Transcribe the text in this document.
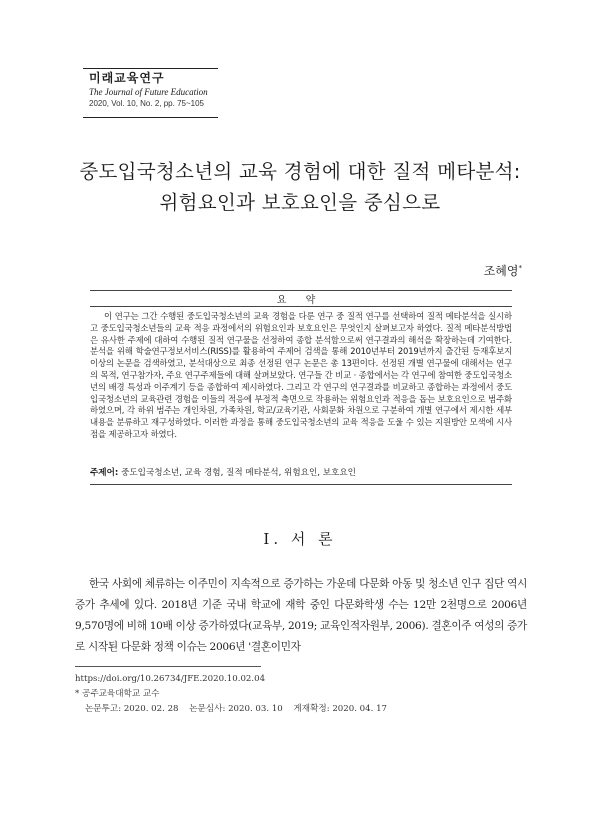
미래교육연구
The Journal of Future Education
2020, Vol. 10, No. 2, pp. 75~105
중도입국청소년의 교육 경험에 대한 질적 메타분석:
위험요인과 보호요인을 중심으로
조혜영*
요 약
이 연구는 그간 수행된 중도입국청소년의 교육 경험을 다룬 연구 중 질적 연구를 선택하여 질적 메타분석을 실시하고 중도입국청소년들의 교육 적응 과정에서의 위험요인과 보호요인은 무엇인지 살펴보고자 하였다. 질적 메타분석방법은 유사한 주제에 대하여 수행된 질적 연구물을 선정하여 종합 분석함으로써 연구결과의 해석을 확장하는데 기여한다. 분석을 위해 학술연구정보서비스(RISS)를 활용하여 주제어 검색을 통해 2010년부터 2019년까지 출간된 등재후보지 이상의 논문을 검색하였고, 분석대상으로 최종 선정된 연구 논문은 총 13편이다. 선정된 개별 연구물에 대해서는 연구의 목적, 연구참가자, 주요 연구주제들에 대해 살펴보았다. 연구들 간 비교 · 종합에서는 각 연구에 참여한 중도입국청소년의 배경 특성과 이주계기 등을 종합하여 제시하였다. 그리고 각 연구의 연구결과를 비교하고 종합하는 과정에서 중도입국청소년의 교육관련 경험을 이들의 적응에 부정적 측면으로 작용하는 위험요인과 적응을 돕는 보호요인으로 범주화하였으며, 각 하위 범주는 개인차원, 가족차원, 학교/교육기관, 사회문화 차원으로 구분하여 개별 연구에서 제시한 세부 내용을 분류하고 재구성하였다. 이러한 과정을 통해 중도입국청소년의 교육 적응을 도울 수 있는 지원방안 모색에 시사점을 제공하고자 하였다.
주제어: 중도입국청소년, 교육 경험, 질적 메타분석, 위험요인, 보호요인
Ⅰ. 서 론
한국 사회에 체류하는 이주민이 지속적으로 증가하는 가운데 다문화 아동 및 청소년 인구 집단 역시 증가 추세에 있다. 2018년 기준 국내 학교에 재학 중인 다문화학생 수는 12만 2천명으로 2006년 9,570명에 비해 10배 이상 증가하였다(교육부, 2019; 교육인적자원부, 2006). 결혼이주 여성의 증가로 시작된 다문화 정책 이슈는 2006년 '결혼이민자
https://doi.org/10.26734/JFE.2020.10.02.04
* 공주교육대학교 교수
논문투고: 2020. 02. 28 논문심사: 2020. 03. 10 게재확정: 2020. 04. 17
